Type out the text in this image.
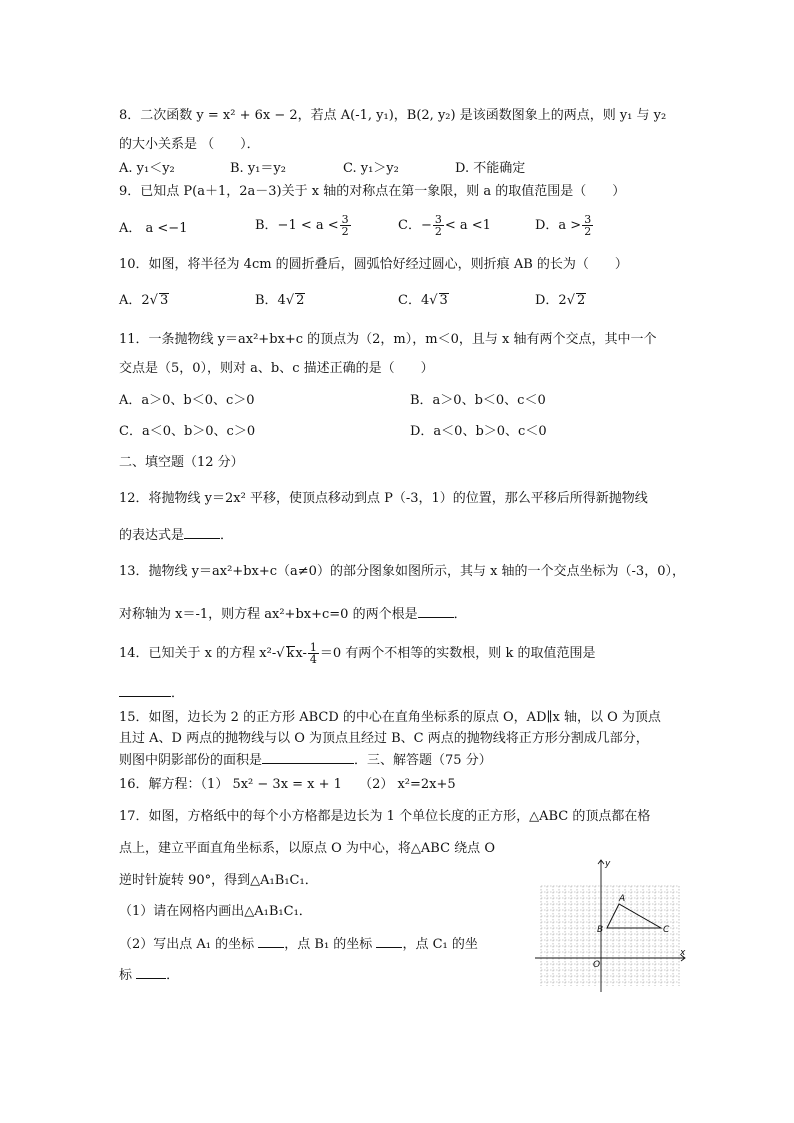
8．二次函数 y = x² + 6x − 2，若点 A(-1, y₁)，B(2, y₂) 是该函数图象上的两点，则 y₁ 与 y₂
的大小关系是 （　　）．
A. y₁＜y₂	B. y₁＝y₂	C. y₁＞y₂	D. 不能确定
9．已知点 P(a＋1，2a－3)关于 x 轴的对称点在第一象限，则 a 的取值范围是（　　）
A． a <−1	B．$-1 < a < \frac{3}{2}$	C．− $\frac{3}{2} < a <1$	D．$a > \frac{3}{2}$
10．如图，将半径为 4cm 的圆折叠后，圆弧恰好经过圆心，则折痕 AB 的长为（　　）
A．2√ 3	B．4√ 2	C．4√ 3	D．2√ 2
11．一条抛物线 y＝ax²+bx+c 的顶点为（2，m），m＜0，且与 x 轴有两个交点，其中一个
交点是（5，0），则对 a、b、c 描述正确的是（　　）
A．a＞0、b＜0、c＞0	B．a＞0、b＜0、c＜0
C．a＜0、b＞0、c＞0	D．a＜0、b＞0、c＜0
二、填空题（12 分）
12．将抛物线 y＝2x² 平移，使顶点移动到点 P（-3，1）的位置，那么平移后所得新抛物线
的表达式是	．
13．抛物线 y＝ax²+bx+c（a≠0）的部分图象如图所示，其与 x 轴的一个交点坐标为（-3，0），
对称轴为 x＝-1，则方程 ax²+bx+c=0 的两个根是	．
14．已知关于 x 的方程 x²-√ $kx- \frac{1}{4} =0$ 有两个不相等的实数根，则 k 的取值范围是
．
15．如图，边长为 2 的正方形 ABCD 的中心在直角坐标系的原点 O，AD∥x 轴，以 O 为顶点
且过 A、D 两点的抛物线与以 O 为顶点且经过 B、C 两点的抛物线将正方形分割成几部分，
则图中阴影部份的面积是	．三、解答题（75 分）
16．解方程：（1） 5x² − 3x = x + 1　 （2） x²=2x+5
17．如图，方格纸中的每个小方格都是边长为 1 个单位长度的正方形，△ABC 的顶点都在格
点上，建立平面直角坐标系，以原点 O 为中心，将△ABC 绕点 O
逆时针旋转 90°，得到△A₁B₁C₁．
（1）请在网格内画出△A₁B₁C₁．
（2）写出点 A₁ 的坐标 ，点 B₁ 的坐标 ，点 C₁ 的坐
标	．
y
x
O
A
B	C
